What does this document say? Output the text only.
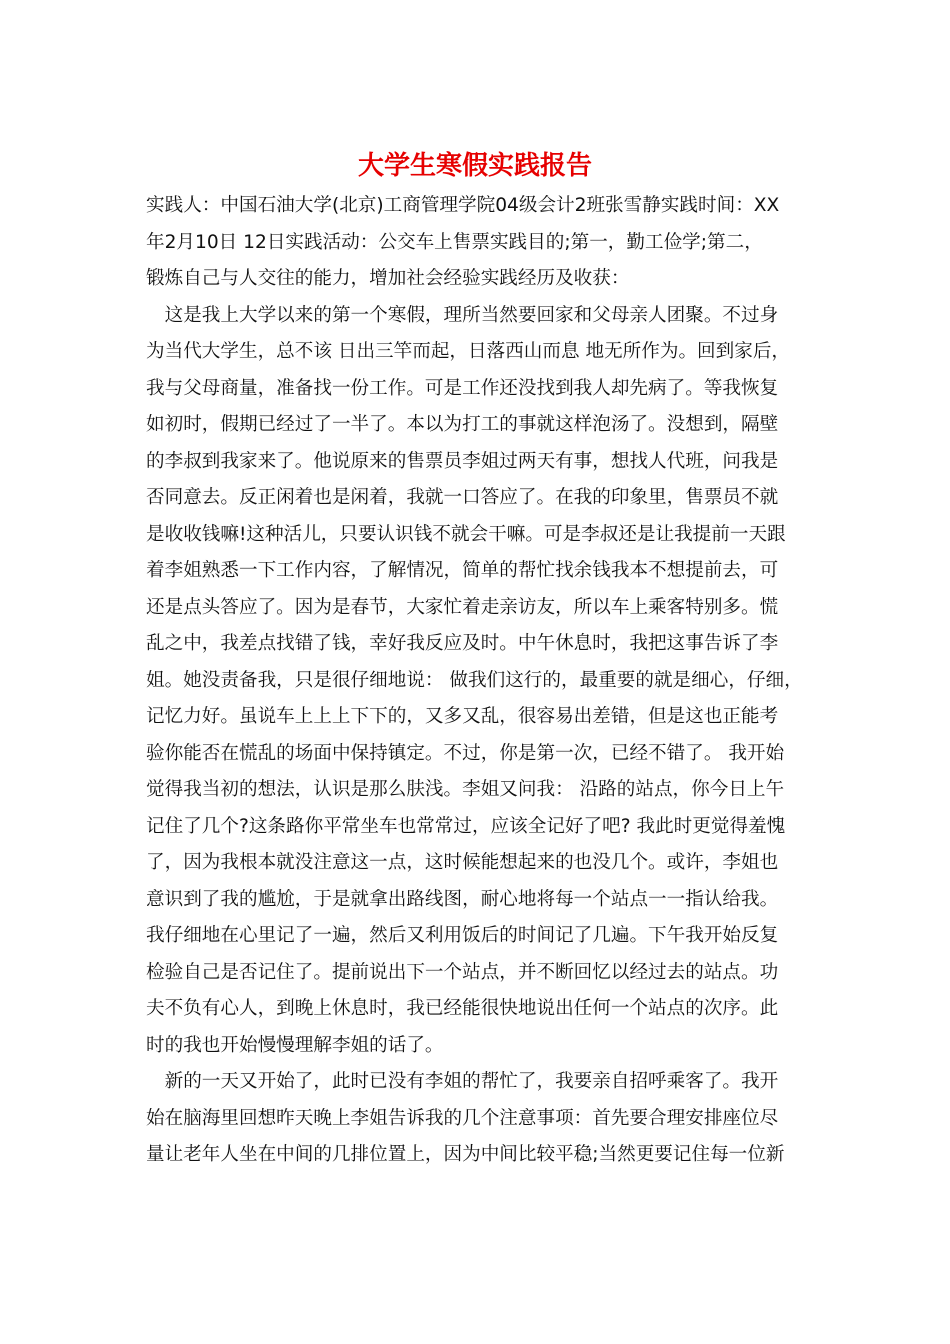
大学生寒假实践报告
实践人：中国石油大学(北京)工商管理学院04级会计2班张雪静实践时间：XX
年2月10日 12日实践活动：公交车上售票实践目的;第一，勤工俭学;第二，
锻炼自己与人交往的能力，增加社会经验实践经历及收获：
　这是我上大学以来的第一个寒假，理所当然要回家和父母亲人团聚。不过身
为当代大学生，总不该 日出三竿而起，日落西山而息 地无所作为。回到家后，
我与父母商量，准备找一份工作。可是工作还没找到我人却先病了。等我恢复
如初时，假期已经过了一半了。本以为打工的事就这样泡汤了。没想到，隔壁
的李叔到我家来了。他说原来的售票员李姐过两天有事，想找人代班，问我是
否同意去。反正闲着也是闲着，我就一口答应了。在我的印象里，售票员不就
是收收钱嘛!这种活儿，只要认识钱不就会干嘛。可是李叔还是让我提前一天跟
着李姐熟悉一下工作内容，了解情况，简单的帮忙找余钱我本不想提前去，可
还是点头答应了。因为是春节，大家忙着走亲访友，所以车上乘客特别多。慌
乱之中，我差点找错了钱，幸好我反应及时。中午休息时，我把这事告诉了李
姐。她没责备我，只是很仔细地说： 做我们这行的，最重要的就是细心，仔细，
记忆力好。虽说车上上上下下的，又多又乱，很容易出差错，但是这也正能考
验你能否在慌乱的场面中保持镇定。不过，你是第一次，已经不错了。 我开始
觉得我当初的想法，认识是那么肤浅。李姐又问我： 沿路的站点，你今日上午
记住了几个?这条路你平常坐车也常常过，应该全记好了吧? 我此时更觉得羞愧
了，因为我根本就没注意这一点，这时候能想起来的也没几个。或许，李姐也
意识到了我的尴尬，于是就拿出路线图，耐心地将每一个站点一一指认给我。
我仔细地在心里记了一遍，然后又利用饭后的时间记了几遍。下午我开始反复
检验自己是否记住了。提前说出下一个站点，并不断回忆以经过去的站点。功
夫不负有心人，到晚上休息时，我已经能很快地说出任何一个站点的次序。此
时的我也开始慢慢理解李姐的话了。
　新的一天又开始了，此时已没有李姐的帮忙了，我要亲自招呼乘客了。我开
始在脑海里回想昨天晚上李姐告诉我的几个注意事项：首先要合理安排座位尽
量让老年人坐在中间的几排位置上，因为中间比较平稳;当然更要记住每一位新
